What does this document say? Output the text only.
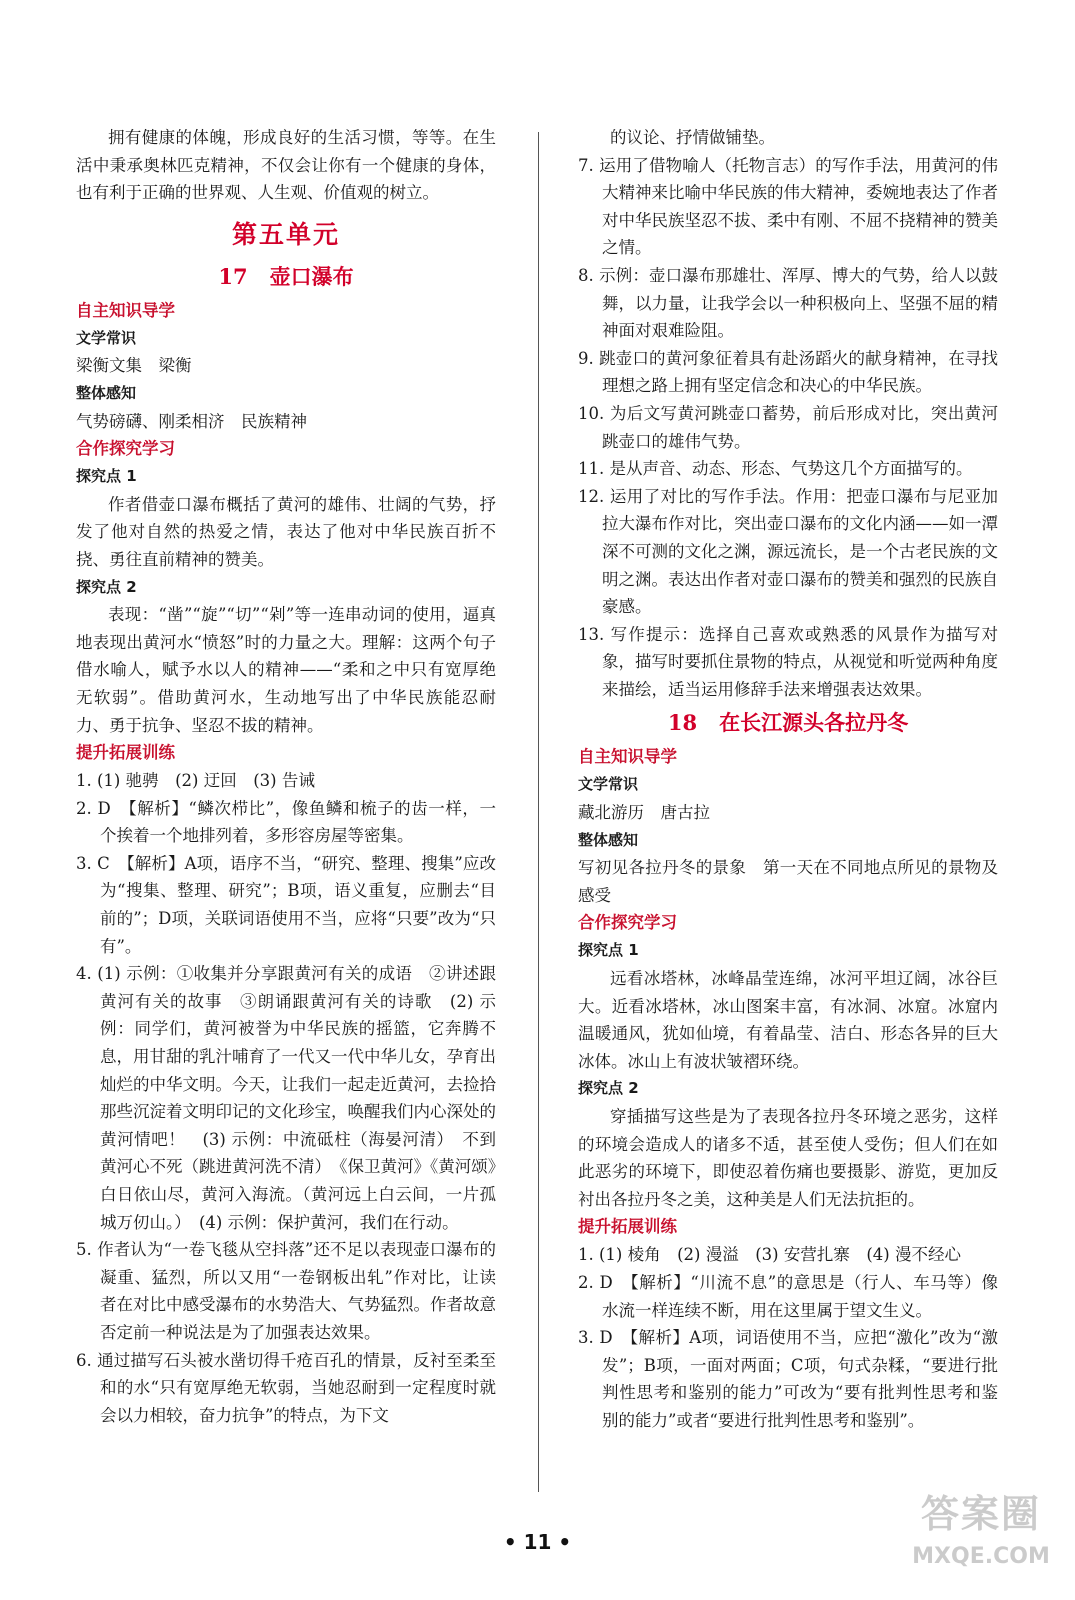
拥有健康的体魄，形成良好的生活习惯，等等。在生活中秉承奥林匹克精神，不仅会让你有一个健康的身体，也有利于正确的世界观、人生观、价值观的树立。

第五单元
17 壶口瀑布
自主知识导学
文学常识

梁衡文集　梁衡

整体感知

气势磅礴、刚柔相济　民族精神

合作探究学习
探究点 1

作者借壶口瀑布概括了黄河的雄伟、壮阔的气势，抒发了他对自然的热爱之情，表达了他对中华民族百折不挠、勇往直前精神的赞美。

探究点 2

表现：“凿”“旋”“切”“剁”等一连串动词的使用，逼真地表现出黄河水“愤怒”时的力量之大。理解：这两个句子借水喻人，赋予水以人的精神——“柔和之中只有宽厚绝无软弱”。借助黄河水，生动地写出了中华民族能忍耐力、勇于抗争、坚忍不拔的精神。

提升拓展训练

1. (1) 驰骋　(2) 迂回　(3) 告诫

2. D　【解析】“鳞次栉比”，像鱼鳞和梳子的齿一样，一个挨着一个地排列着，多形容房屋等密集。

3. C　【解析】A项，语序不当，“研究、整理、搜集”应改为“搜集、整理、研究”；B项，语义重复，应删去“目前的”；D项，关联词语使用不当，应将“只要”改为“只有”。

4. (1) 示例：①收集并分享跟黄河有关的成语　②讲述跟黄河有关的故事　③朗诵跟黄河有关的诗歌　(2) 示例：同学们，黄河被誉为中华民族的摇篮，它奔腾不息，用甘甜的乳汁哺育了一代又一代中华儿女，孕育出灿烂的中华文明。今天，让我们一起走近黄河，去捡拾那些沉淀着文明印记的文化珍宝，唤醒我们内心深处的黄河情吧！　(3) 示例：中流砥柱（海晏河清）　不到黄河心不死（跳进黄河洗不清）　《保卫黄河》《黄河颂》　白日依山尽，黄河入海流。（黄河远上白云间，一片孤城万仞山。）　(4) 示例：保护黄河，我们在行动。

5. 作者认为“一卷飞毯从空抖落”还不足以表现壶口瀑布的凝重、猛烈，所以又用“一卷钢板出轧”作对比，让读者在对比中感受瀑布的水势浩大、气势猛烈。作者故意否定前一种说法是为了加强表达效果。

6. 通过描写石头被水凿切得千疮百孔的情景，反衬至柔至和的水“只有宽厚绝无软弱，当她忍耐到一定程度时就会以力相较，奋力抗争”的特点，为下文

的议论、抒情做铺垫。

7. 运用了借物喻人（托物言志）的写作手法，用黄河的伟大精神来比喻中华民族的伟大精神，委婉地表达了作者对中华民族坚忍不拔、柔中有刚、不屈不挠精神的赞美之情。

8. 示例：壶口瀑布那雄壮、浑厚、博大的气势，给人以鼓舞，以力量，让我学会以一种积极向上、坚强不屈的精神面对艰难险阻。

9. 跳壶口的黄河象征着具有赴汤蹈火的献身精神，在寻找理想之路上拥有坚定信念和决心的中华民族。

10. 为后文写黄河跳壶口蓄势，前后形成对比，突出黄河跳壶口的雄伟气势。

11. 是从声音、动态、形态、气势这几个方面描写的。

12. 运用了对比的写作手法。作用：把壶口瀑布与尼亚加拉大瀑布作对比，突出壶口瀑布的文化内涵——如一潭深不可测的文化之渊，源远流长，是一个古老民族的文明之渊。表达出作者对壶口瀑布的赞美和强烈的民族自豪感。

13. 写作提示：选择自己喜欢或熟悉的风景作为描写对象，描写时要抓住景物的特点，从视觉和听觉两种角度来描绘，适当运用修辞手法来增强表达效果。

18 在长江源头各拉丹冬
自主知识导学
文学常识

藏北游历　唐古拉

整体感知

写初见各拉丹冬的景象　第一天在不同地点所见的景物及感受

合作探究学习
探究点 1

远看冰塔林，冰峰晶莹连绵，冰河平坦辽阔，冰谷巨大。近看冰塔林，冰山图案丰富，有冰洞、冰窟。冰窟内温暖通风，犹如仙境，有着晶莹、洁白、形态各异的巨大冰体。冰山上有波状皱褶环绕。

探究点 2

穿插描写这些是为了表现各拉丹冬环境之恶劣，这样的环境会造成人的诸多不适，甚至使人受伤；但人们在如此恶劣的环境下，即使忍着伤痛也要摄影、游览，更加反衬出各拉丹冬之美，这种美是人们无法抗拒的。

提升拓展训练

1. (1) 棱角　(2) 漫溢　(3) 安营扎寨　(4) 漫不经心

2. D　【解析】“川流不息”的意思是（行人、车马等）像水流一样连续不断，用在这里属于望文生义。

3. D　【解析】A项，词语使用不当，应把“激化”改为“激发”；B项，一面对两面；C项，句式杂糅，“要进行批判性思考和鉴别的能力”可改为“要有批判性思考和鉴别的能力”或者“要进行批判性思考和鉴别”。

• 11 •
答案圈
MXQE.COM
